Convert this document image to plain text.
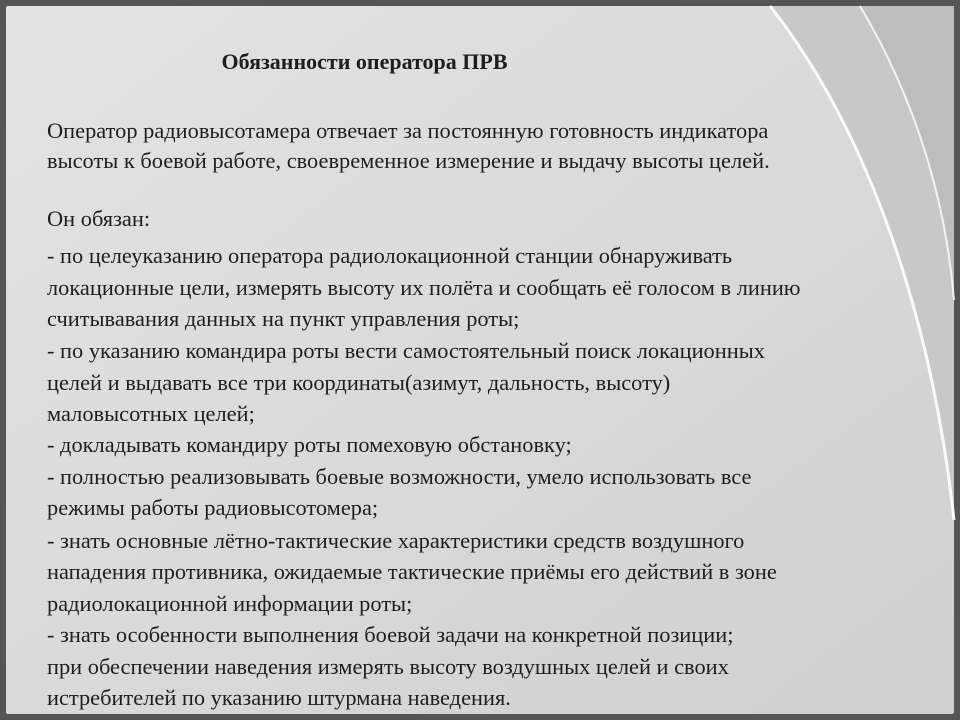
Обязанности оператора ПРВ
Оператор радиовысотамера отвечает за постоянную готовность индикатора
высоты к боевой работе, своевременное измерение и выдачу высоты целей.
Он обязан:
- по целеуказанию оператора радиолокационной станции обнаруживать
локационные цели, измерять высоту их полёта и сообщать её голосом в линию
считывавания данных на пункт управления роты;
- по указанию командира роты вести самостоятельный поиск локационных
целей и выдавать все три координаты(азимут, дальность, высоту)
маловысотных целей;
- докладывать командиру роты помеховую обстановку;
- полностью реализовывать боевые возможности, умело использовать все
режимы работы радиовысотомера;
- знать основные лётно-тактические характеристики средств воздушного
нападения противника, ожидаемые тактические приёмы его действий в зоне
радиолокационной информации роты;
- знать особенности выполнения боевой задачи на конкретной позиции;
при обеспечении наведения измерять высоту воздушных целей и своих
истребителей по указанию штурмана наведения.
